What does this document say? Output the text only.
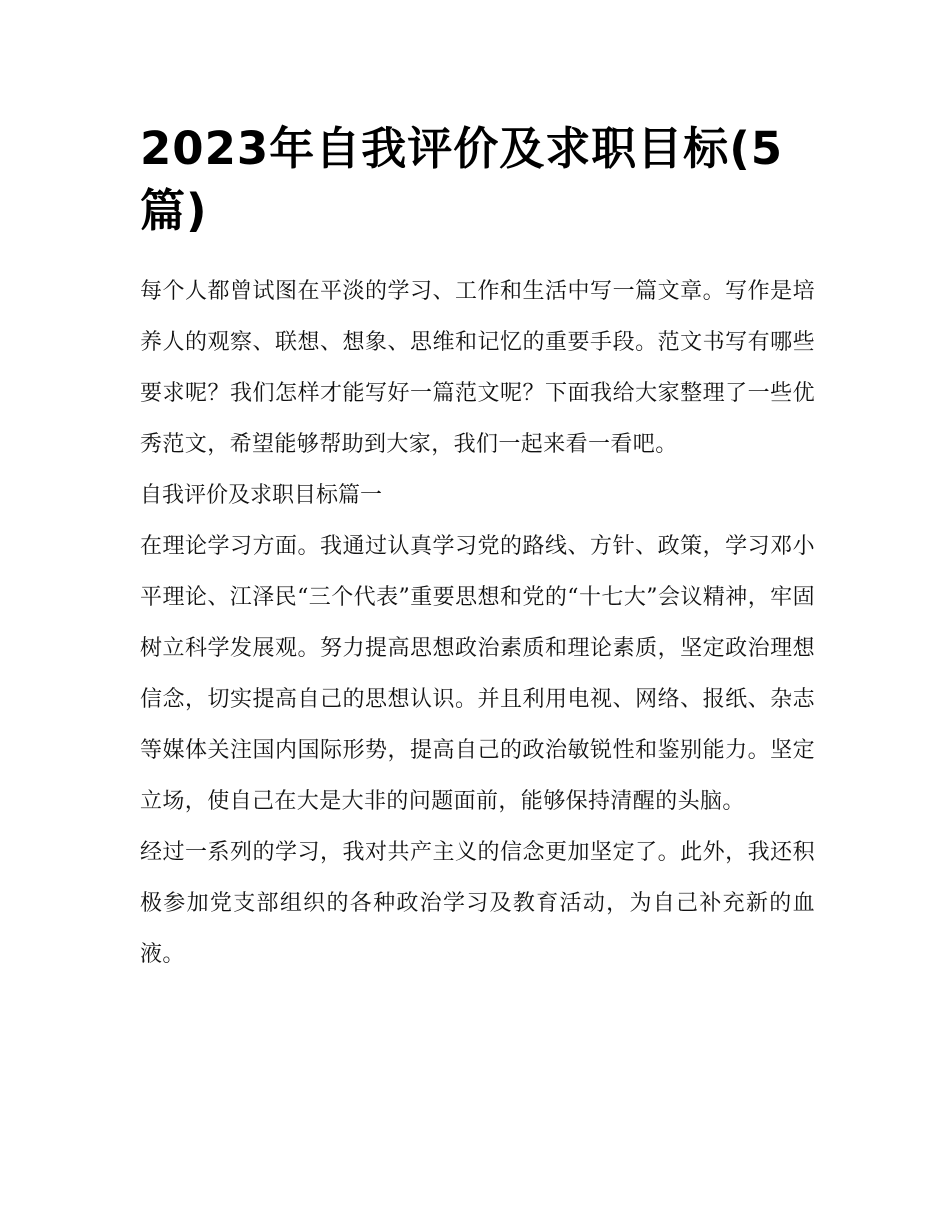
2023年自我评价及求职目标(5篇)

每个人都曾试图在平淡的学习、工作和生活中写一篇文章。写作是培养人的观察、联想、想象、思维和记忆的重要手段。范文书写有哪些要求呢？我们怎样才能写好一篇范文呢？下面我给大家整理了一些优秀范文，希望能够帮助到大家，我们一起来看一看吧。

自我评价及求职目标篇一

在理论学习方面。我通过认真学习党的路线、方针、政策，学习邓小平理论、江泽民“三个代表”重要思想和党的“十七大”会议精神，牢固树立科学发展观。努力提高思想政治素质和理论素质，坚定政治理想信念，切实提高自己的思想认识。并且利用电视、网络、报纸、杂志等媒体关注国内国际形势，提高自己的政治敏锐性和鉴别能力。坚定立场，使自己在大是大非的问题面前，能够保持清醒的头脑。

经过一系列的学习，我对共产主义的信念更加坚定了。此外，我还积极参加党支部组织的各种政治学习及教育活动，为自己补充新的血液。
